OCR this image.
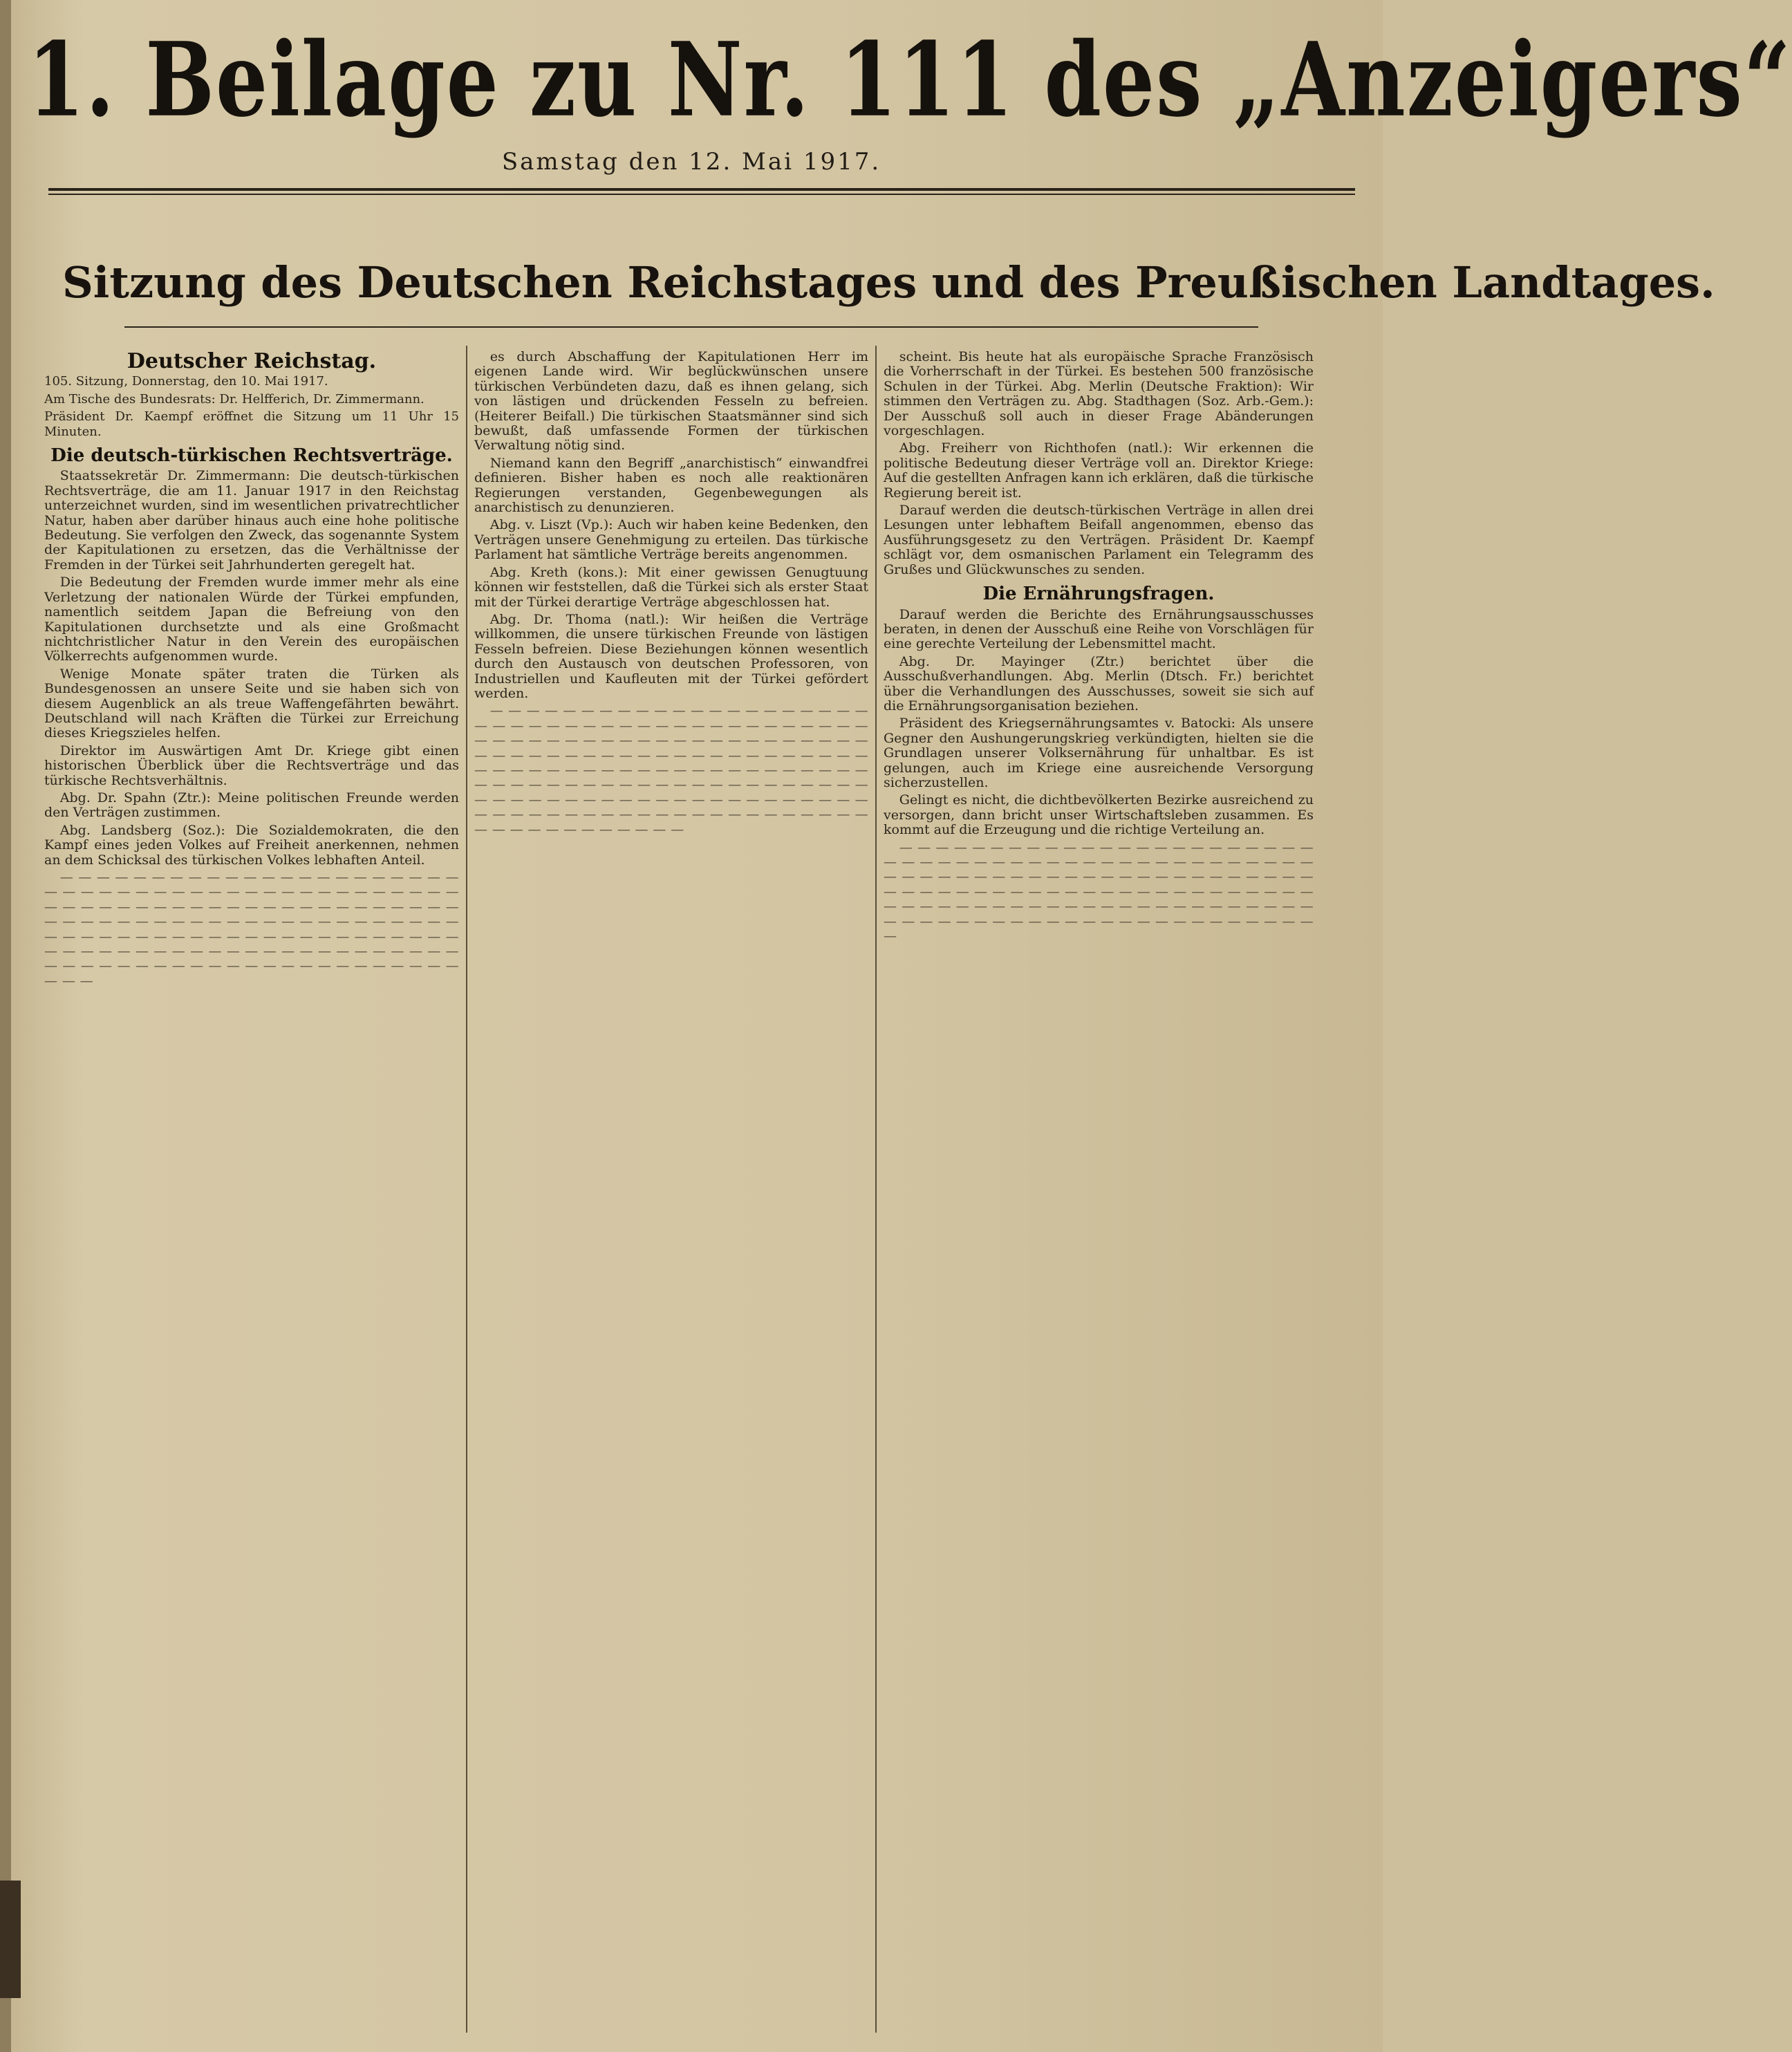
1. Beilage zu Nr. 111 des „Anzeigers“
Samstag den 12. Mai 1917.
Sitzung des Deutschen Reichstages und des Preußischen Landtages.
Deutscher Reichstag.

105. Sitzung, Donnerstag, den 10. Mai 1917.

Am Tische des Bundesrats: Dr. Helfferich, Dr. Zimmermann.

Präsident Dr. Kaempf eröffnet die Sitzung um 11 Uhr 15 Minuten.

Die deutsch-türkischen Rechtsverträge.

Staatssekretär Dr. Zimmermann: Die deutsch-türkischen Rechtsverträge, die am 11. Januar 1917 in den Reichstag unterzeichnet wurden, sind im wesentlichen privatrechtlicher Natur, haben aber darüber hinaus auch eine hohe politische Bedeutung. Sie verfolgen den Zweck, das sogenannte System der Kapitulationen zu ersetzen, das die Verhältnisse der Fremden in der Türkei seit Jahrhunderten geregelt hat.

Die Bedeutung der Fremden wurde immer mehr als eine Verletzung der nationalen Würde der Türkei empfunden, namentlich seitdem Japan die Befreiung von den Kapitulationen durchsetzte und als eine Großmacht nichtchristlicher Natur in den Verein des europäischen Völkerrechts aufgenommen wurde.

Wenige Monate später traten die Türken als Bundesgenossen an unsere Seite und sie haben sich von diesem Augenblick an als treue Waffengefährten bewährt. Deutschland will nach Kräften die Türkei zur Erreichung dieses Kriegszieles helfen.

Direktor im Auswärtigen Amt Dr. Kriege gibt einen historischen Überblick über die Rechtsverträge und das türkische Rechtsverhältnis.

Abg. Dr. Spahn (Ztr.): Meine politischen Freunde werden den Verträgen zustimmen.

Abg. Landsberg (Soz.): Die Sozialdemokraten, die den Kampf eines jeden Volkes auf Freiheit anerkennen, nehmen an dem Schicksal des türkischen Volkes lebhaften Anteil.

— — — — — — — — — — — — — — — — — — — — — — — — — — — — — — — — — — — — — — — — — — — — — — — — — — — — — — — — — — — — — — — — — — — — — — — — — — — — — — — — — — — — — — — — — — — — — — — — — — — — — — — — — — — — — — — — — — — — — — — — — — — — — — — — — — — — — — — — — — — — — — — — — — — — — — — — — — — — — — — — — — —

es durch Abschaffung der Kapitulationen Herr im eigenen Lande wird. Wir beglückwünschen unsere türkischen Verbündeten dazu, daß es ihnen gelang, sich von lästigen und drückenden Fesseln zu befreien. (Heiterer Beifall.) Die türkischen Staatsmänner sind sich bewußt, daß umfassende Formen der türkischen Verwaltung nötig sind.

Niemand kann den Begriff „anarchistisch“ einwandfrei definieren. Bisher haben es noch alle reaktionären Regierungen verstanden, Gegenbewegungen als anarchistisch zu denunzieren.

Abg. v. Liszt (Vp.): Auch wir haben keine Bedenken, den Verträgen unsere Genehmigung zu erteilen. Das türkische Parlament hat sämtliche Verträge bereits angenommen.

Abg. Kreth (kons.): Mit einer gewissen Genugtuung können wir feststellen, daß die Türkei sich als erster Staat mit der Türkei derartige Verträge abgeschlossen hat.

Abg. Dr. Thoma (natl.): Wir heißen die Verträge willkommen, die unsere türkischen Freunde von lästigen Fesseln befreien. Diese Beziehungen können wesentlich durch den Austausch von deutschen Professoren, von Industriellen und Kaufleuten mit der Türkei gefördert werden.

— — — — — — — — — — — — — — — — — — — — — — — — — — — — — — — — — — — — — — — — — — — — — — — — — — — — — — — — — — — — — — — — — — — — — — — — — — — — — — — — — — — — — — — — — — — — — — — — — — — — — — — — — — — — — — — — — — — — — — — — — — — — — — — — — — — — — — — — — — — — — — — — — — — — — — — — — — — — — — — — — — — — — — — — — — — — — — — — — — — — — — — — — — —

scheint. Bis heute hat als europäische Sprache Französisch die Vorherrschaft in der Türkei. Es bestehen 500 französische Schulen in der Türkei. Abg. Merlin (Deutsche Fraktion): Wir stimmen den Verträgen zu. Abg. Stadthagen (Soz. Arb.-Gem.): Der Ausschuß soll auch in dieser Frage Abänderungen vorgeschlagen.

Abg. Freiherr von Richthofen (natl.): Wir erkennen die politische Bedeutung dieser Verträge voll an. Direktor Kriege: Auf die gestellten Anfragen kann ich erklären, daß die türkische Regierung bereit ist.

Darauf werden die deutsch-türkischen Verträge in allen drei Lesungen unter lebhaftem Beifall angenommen, ebenso das Ausführungsgesetz zu den Verträgen. Präsident Dr. Kaempf schlägt vor, dem osmanischen Parlament ein Telegramm des Grußes und Glückwunsches zu senden.

Die Ernährungsfragen.

Darauf werden die Berichte des Ernährungsausschusses beraten, in denen der Ausschuß eine Reihe von Vorschlägen für eine gerechte Verteilung der Lebensmittel macht.

Abg. Dr. Mayinger (Ztr.) berichtet über die Ausschußverhandlungen. Abg. Merlin (Dtsch. Fr.) berichtet über die Verhandlungen des Ausschusses, soweit sie sich auf die Ernährungsorganisation beziehen.

Präsident des Kriegsernährungsamtes v. Batocki: Als unsere Gegner den Aushungerungskrieg verkündigten, hielten sie die Grundlagen unserer Volksernährung für unhaltbar. Es ist gelungen, auch im Kriege eine ausreichende Versorgung sicherzustellen.

Gelingt es nicht, die dichtbevölkerten Bezirke ausreichend zu versorgen, dann bricht unser Wirtschaftsleben zusammen. Es kommt auf die Erzeugung und die richtige Verteilung an.

— — — — — — — — — — — — — — — — — — — — — — — — — — — — — — — — — — — — — — — — — — — — — — — — — — — — — — — — — — — — — — — — — — — — — — — — — — — — — — — — — — — — — — — — — — — — — — — — — — — — — — — — — — — — — — — — — — — — — — — — — — — — — — — — — — — — — — — — — — — — — — — —
